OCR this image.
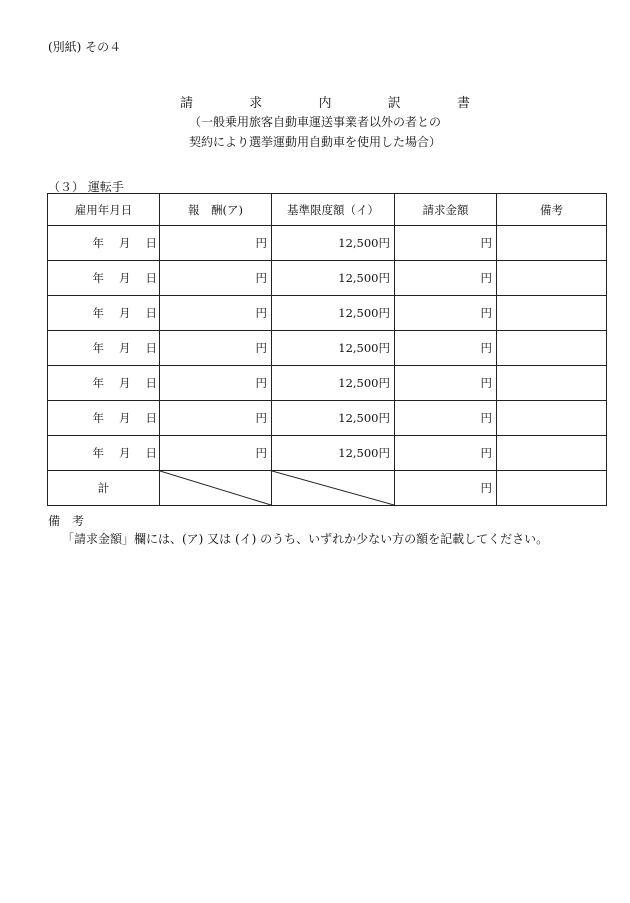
(別紙) その４
請	求	内	訳	書
（一般乗用旅客自動車運送事業者以外の者との
契約により選挙運動用自動車を使用した場合）
（３） 運転手
雇用年月日	報　酬(ア)	基準限度額（イ）	請求金額	備考

年 月 日	円	12,500円	円	

年 月 日	円	12,500円	円	

年 月 日	円	12,500円	円	

年 月 日	円	12,500円	円	

年 月 日	円	12,500円	円	

年 月 日	円	12,500円	円	

年 月 日	円	12,500円	円	
計			円	
備　考
「請求金額」欄には、(ア) 又は (イ) のうち、いずれか少ない方の額を記載してください。
